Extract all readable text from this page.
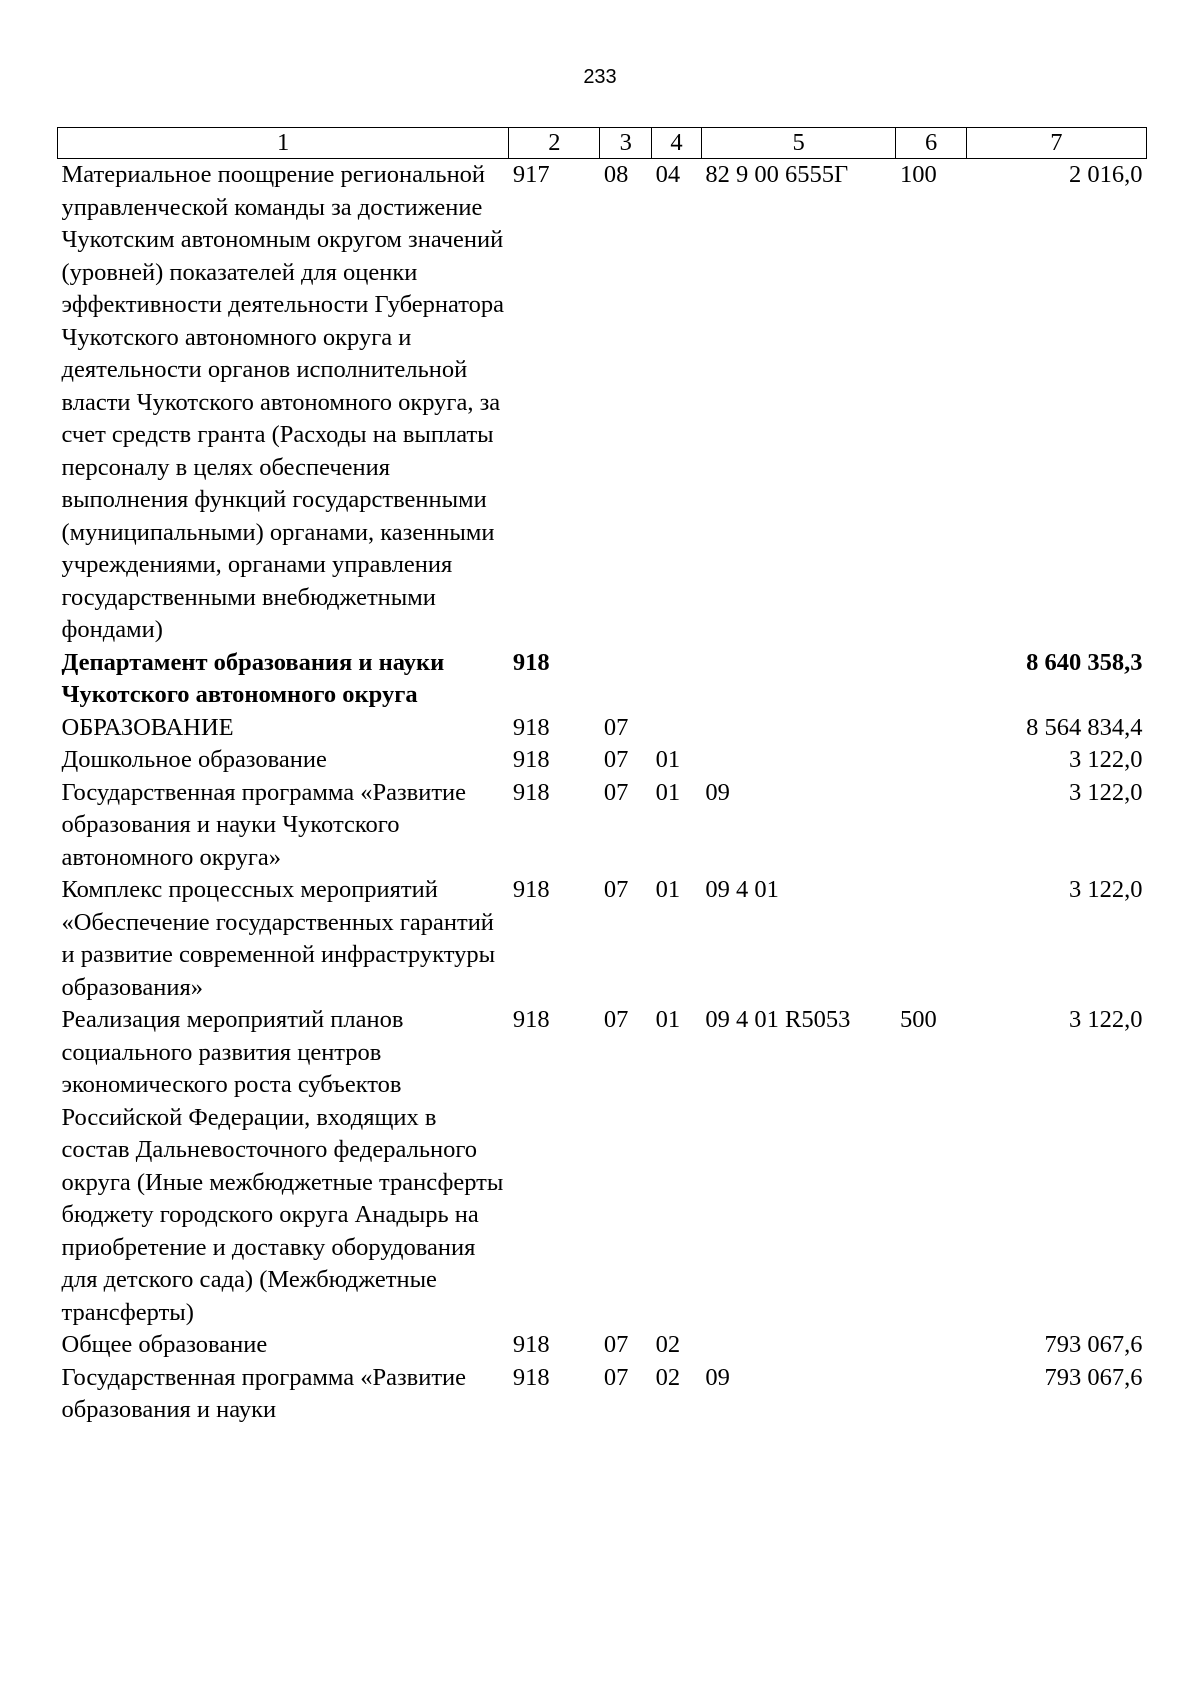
233
1	2	3	4	5	6	7
Материальное поощрение региональной управленческой команды за достижение Чукотским автономным округом значений (уровней) показателей для оценки эффективности деятельности Губернатора Чукотского автономного округа и деятельности органов исполнительной власти Чукотского автономного округа, за счет средств гранта (Расходы на выплаты персоналу в целях обеспечения выполнения функций государственными (муниципальными) органами, казенными учреждениями, органами управления государственными внебюджетными фондами)	917	08	04	82 9 00 6555Г	100	2 016,0
Департамент образования и науки Чукотского автономного округа	918					8 640 358,3
ОБРАЗОВАНИЕ	918	07				8 564 834,4
Дошкольное образование	918	07	01			3 122,0
Государственная программа «Развитие образования и науки Чукотского автономного округа»	918	07	01	09		3 122,0
Комплекс процессных мероприятий «Обеспечение государственных гарантий и развитие современной инфраструктуры образования»	918	07	01	09 4 01		3 122,0
Реализация мероприятий планов социального развития центров экономического роста субъектов Российской Федерации, входящих в состав Дальневосточного федерального округа (Иные межбюджетные трансферты бюджету городского округа Анадырь на приобретение и доставку оборудования для детского сада) (Межбюджетные трансферты)	918	07	01	09 4 01 R5053	500	3 122,0
Общее образование	918	07	02			793 067,6
Государственная программа «Развитие образования и науки	918	07	02	09		793 067,6
